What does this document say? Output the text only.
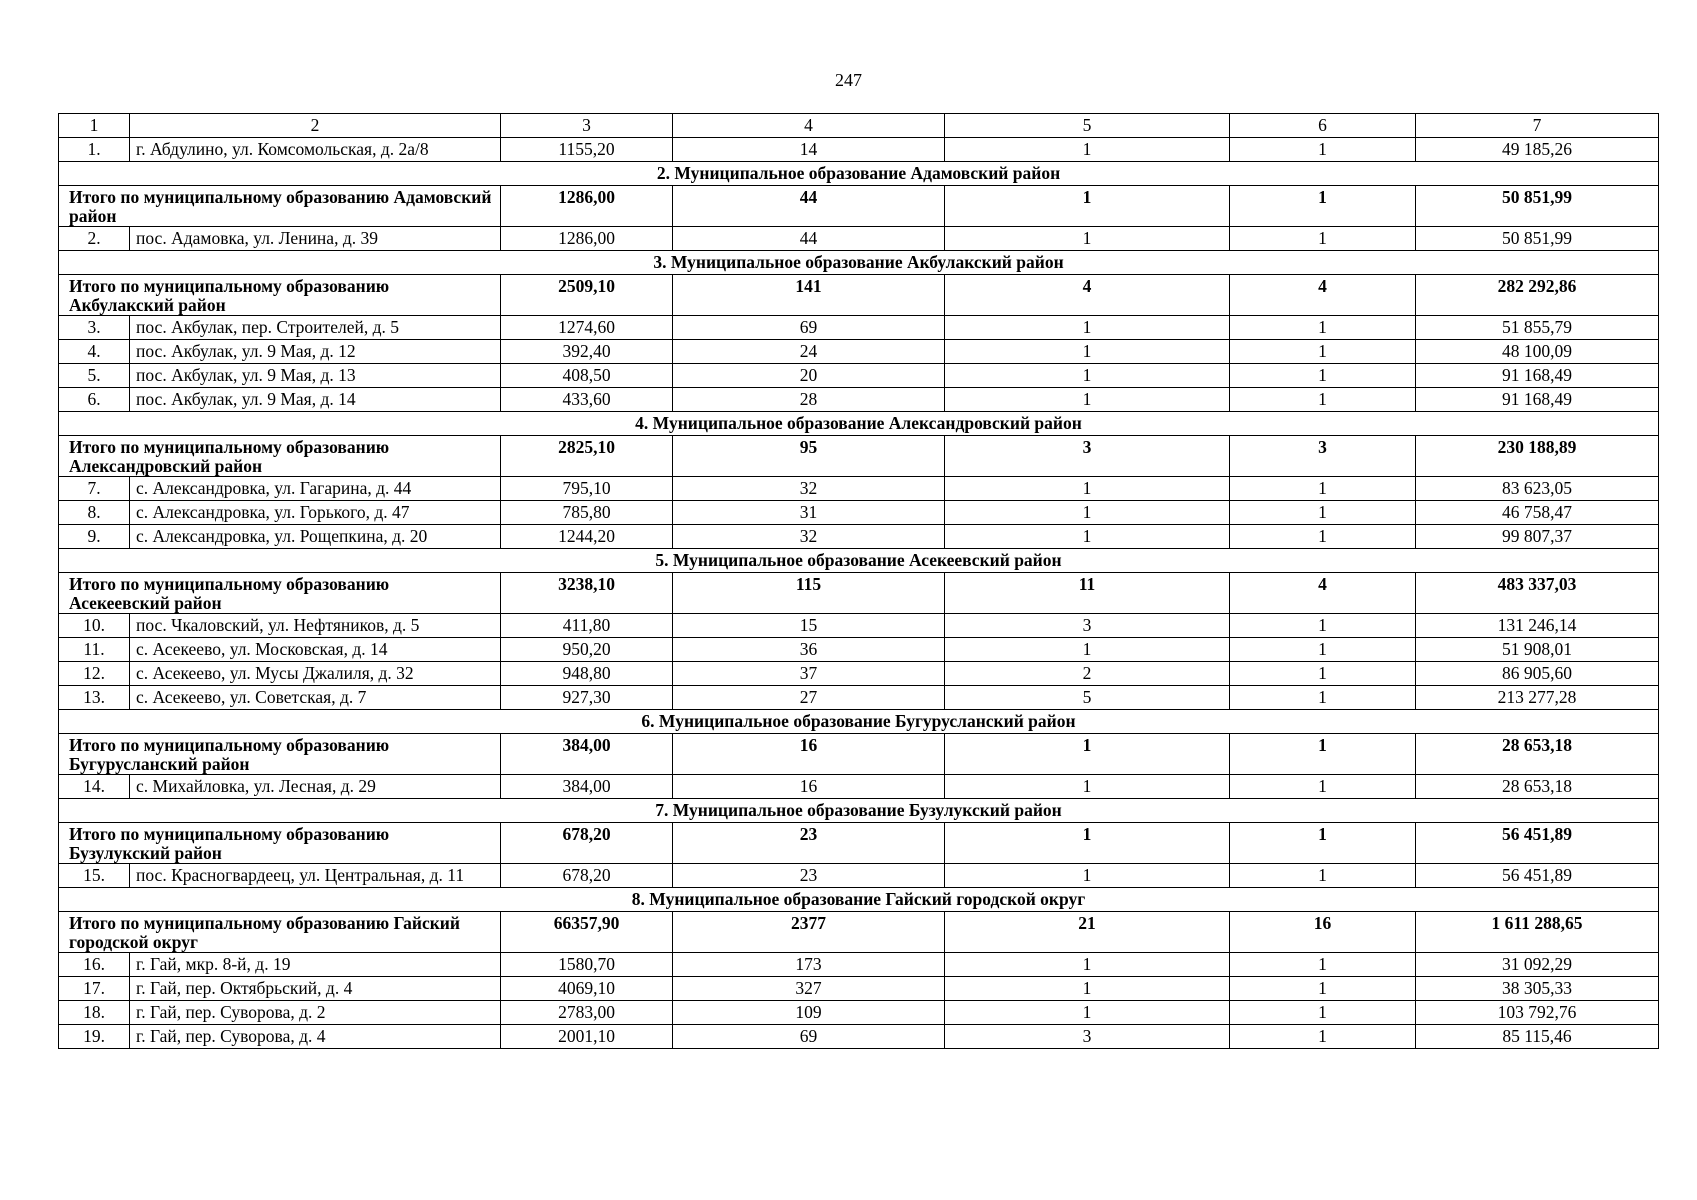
247
1	2	3	4	5	6	7
1.	г. Абдулино, ул. Комсомольская, д. 2а/8	1155,20	14	1	1	49 185,26
2. Муниципальное образование Адамовский район						
Итого по муниципальному образованию Адамовский район		1286,00	44	1	1	50 851,99
2.	пос. Адамовка, ул. Ленина, д. 39	1286,00	44	1	1	50 851,99
3. Муниципальное образование Акбулакский район						
Итого по муниципальному образованию Акбулакский район		2509,10	141	4	4	282 292,86
3.	пос. Акбулак, пер. Строителей, д. 5	1274,60	69	1	1	51 855,79
4.	пос. Акбулак, ул. 9 Мая, д. 12	392,40	24	1	1	48 100,09
5.	пос. Акбулак, ул. 9 Мая, д. 13	408,50	20	1	1	91 168,49
6.	пос. Акбулак, ул. 9 Мая, д. 14	433,60	28	1	1	91 168,49
4. Муниципальное образование Александровский район						
Итого по муниципальному образованию Александровский район		2825,10	95	3	3	230 188,89
7.	с. Александровка, ул. Гагарина, д. 44	795,10	32	1	1	83 623,05
8.	с. Александровка, ул. Горького, д. 47	785,80	31	1	1	46 758,47
9.	с. Александровка, ул. Рощепкина, д. 20	1244,20	32	1	1	99 807,37
5. Муниципальное образование Асекеевский район						
Итого по муниципальному образованию Асекеевский район		3238,10	115	11	4	483 337,03
10.	пос. Чкаловский, ул. Нефтяников, д. 5	411,80	15	3	1	131 246,14
11.	с. Асекеево, ул. Московская, д. 14	950,20	36	1	1	51 908,01
12.	с. Асекеево, ул. Мусы Джалиля, д. 32	948,80	37	2	1	86 905,60
13.	с. Асекеево, ул. Советская, д. 7	927,30	27	5	1	213 277,28
6. Муниципальное образование Бугурусланский район						
Итого по муниципальному образованию Бугурусланский район		384,00	16	1	1	28 653,18
14.	с. Михайловка, ул. Лесная, д. 29	384,00	16	1	1	28 653,18
7. Муниципальное образование Бузулукский район						
Итого по муниципальному образованию Бузулукский район		678,20	23	1	1	56 451,89
15.	пос. Красногвардеец, ул. Центральная, д. 11	678,20	23	1	1	56 451,89
8. Муниципальное образование Гайский городской округ						
Итого по муниципальному образованию Гайский городской округ		66357,90	2377	21	16	1 611 288,65
16.	г. Гай, мкр. 8-й, д. 19	1580,70	173	1	1	31 092,29
17.	г. Гай, пер. Октябрьский, д. 4	4069,10	327	1	1	38 305,33
18.	г. Гай, пер. Суворова, д. 2	2783,00	109	1	1	103 792,76
19.	г. Гай, пер. Суворова, д. 4	2001,10	69	3	1	85 115,46
